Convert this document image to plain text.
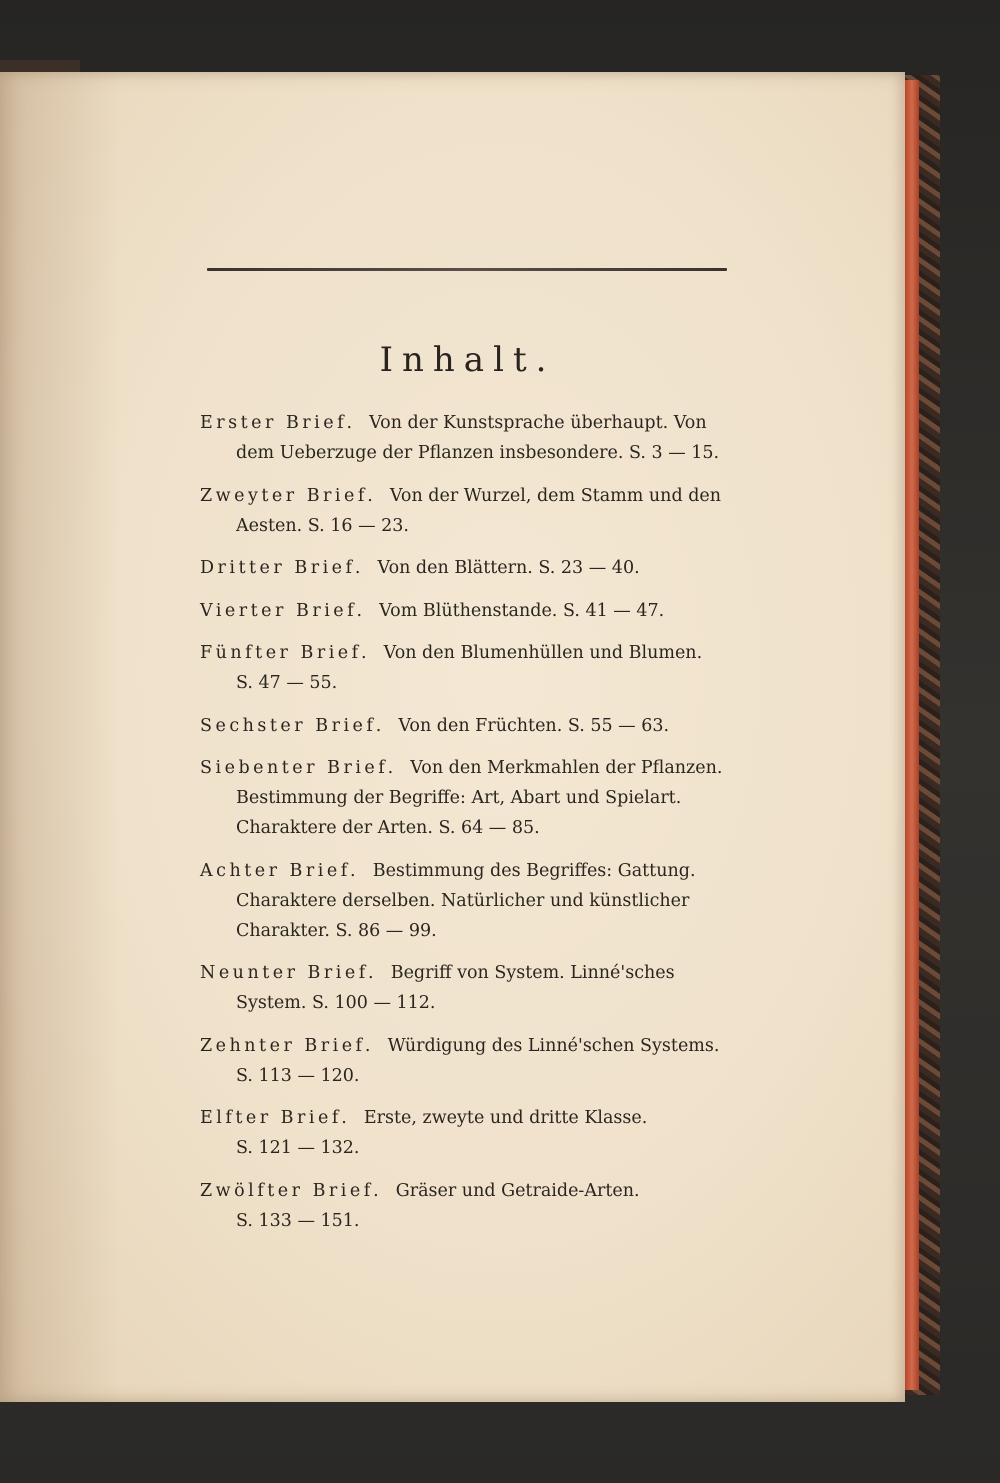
Inhalt.
Erster Brief. Von der Kunstsprache überhaupt. Von dem Ueberzuge der Pflanzen insbesondere. S. 3 — 15.
Zweyter Brief. Von der Wurzel, dem Stamm und den Aesten. S. 16 — 23.
Dritter Brief. Von den Blättern. S. 23 — 40.
Vierter Brief. Vom Blüthenstande. S. 41 — 47.
Fünfter Brief. Von den Blumenhüllen und Blumen. S. 47 — 55.
Sechster Brief. Von den Früchten. S. 55 — 63.
Siebenter Brief. Von den Merkmahlen der Pflanzen. Bestimmung der Begriffe: Art, Abart und Spielart. Charaktere der Arten. S. 64 — 85.
Achter Brief. Bestimmung des Begriffes: Gattung. Charaktere derselben. Natürlicher und künstlicher Charakter. S. 86 — 99.
Neunter Brief. Begriff von System. Linné'sches System. S. 100 — 112.
Zehnter Brief. Würdigung des Linné'schen Systems. S. 113 — 120.
Elfter Brief. Erste, zweyte und dritte Klasse. S. 121 — 132.
Zwölfter Brief. Gräser und Getraide-Arten. S. 133 — 151.
